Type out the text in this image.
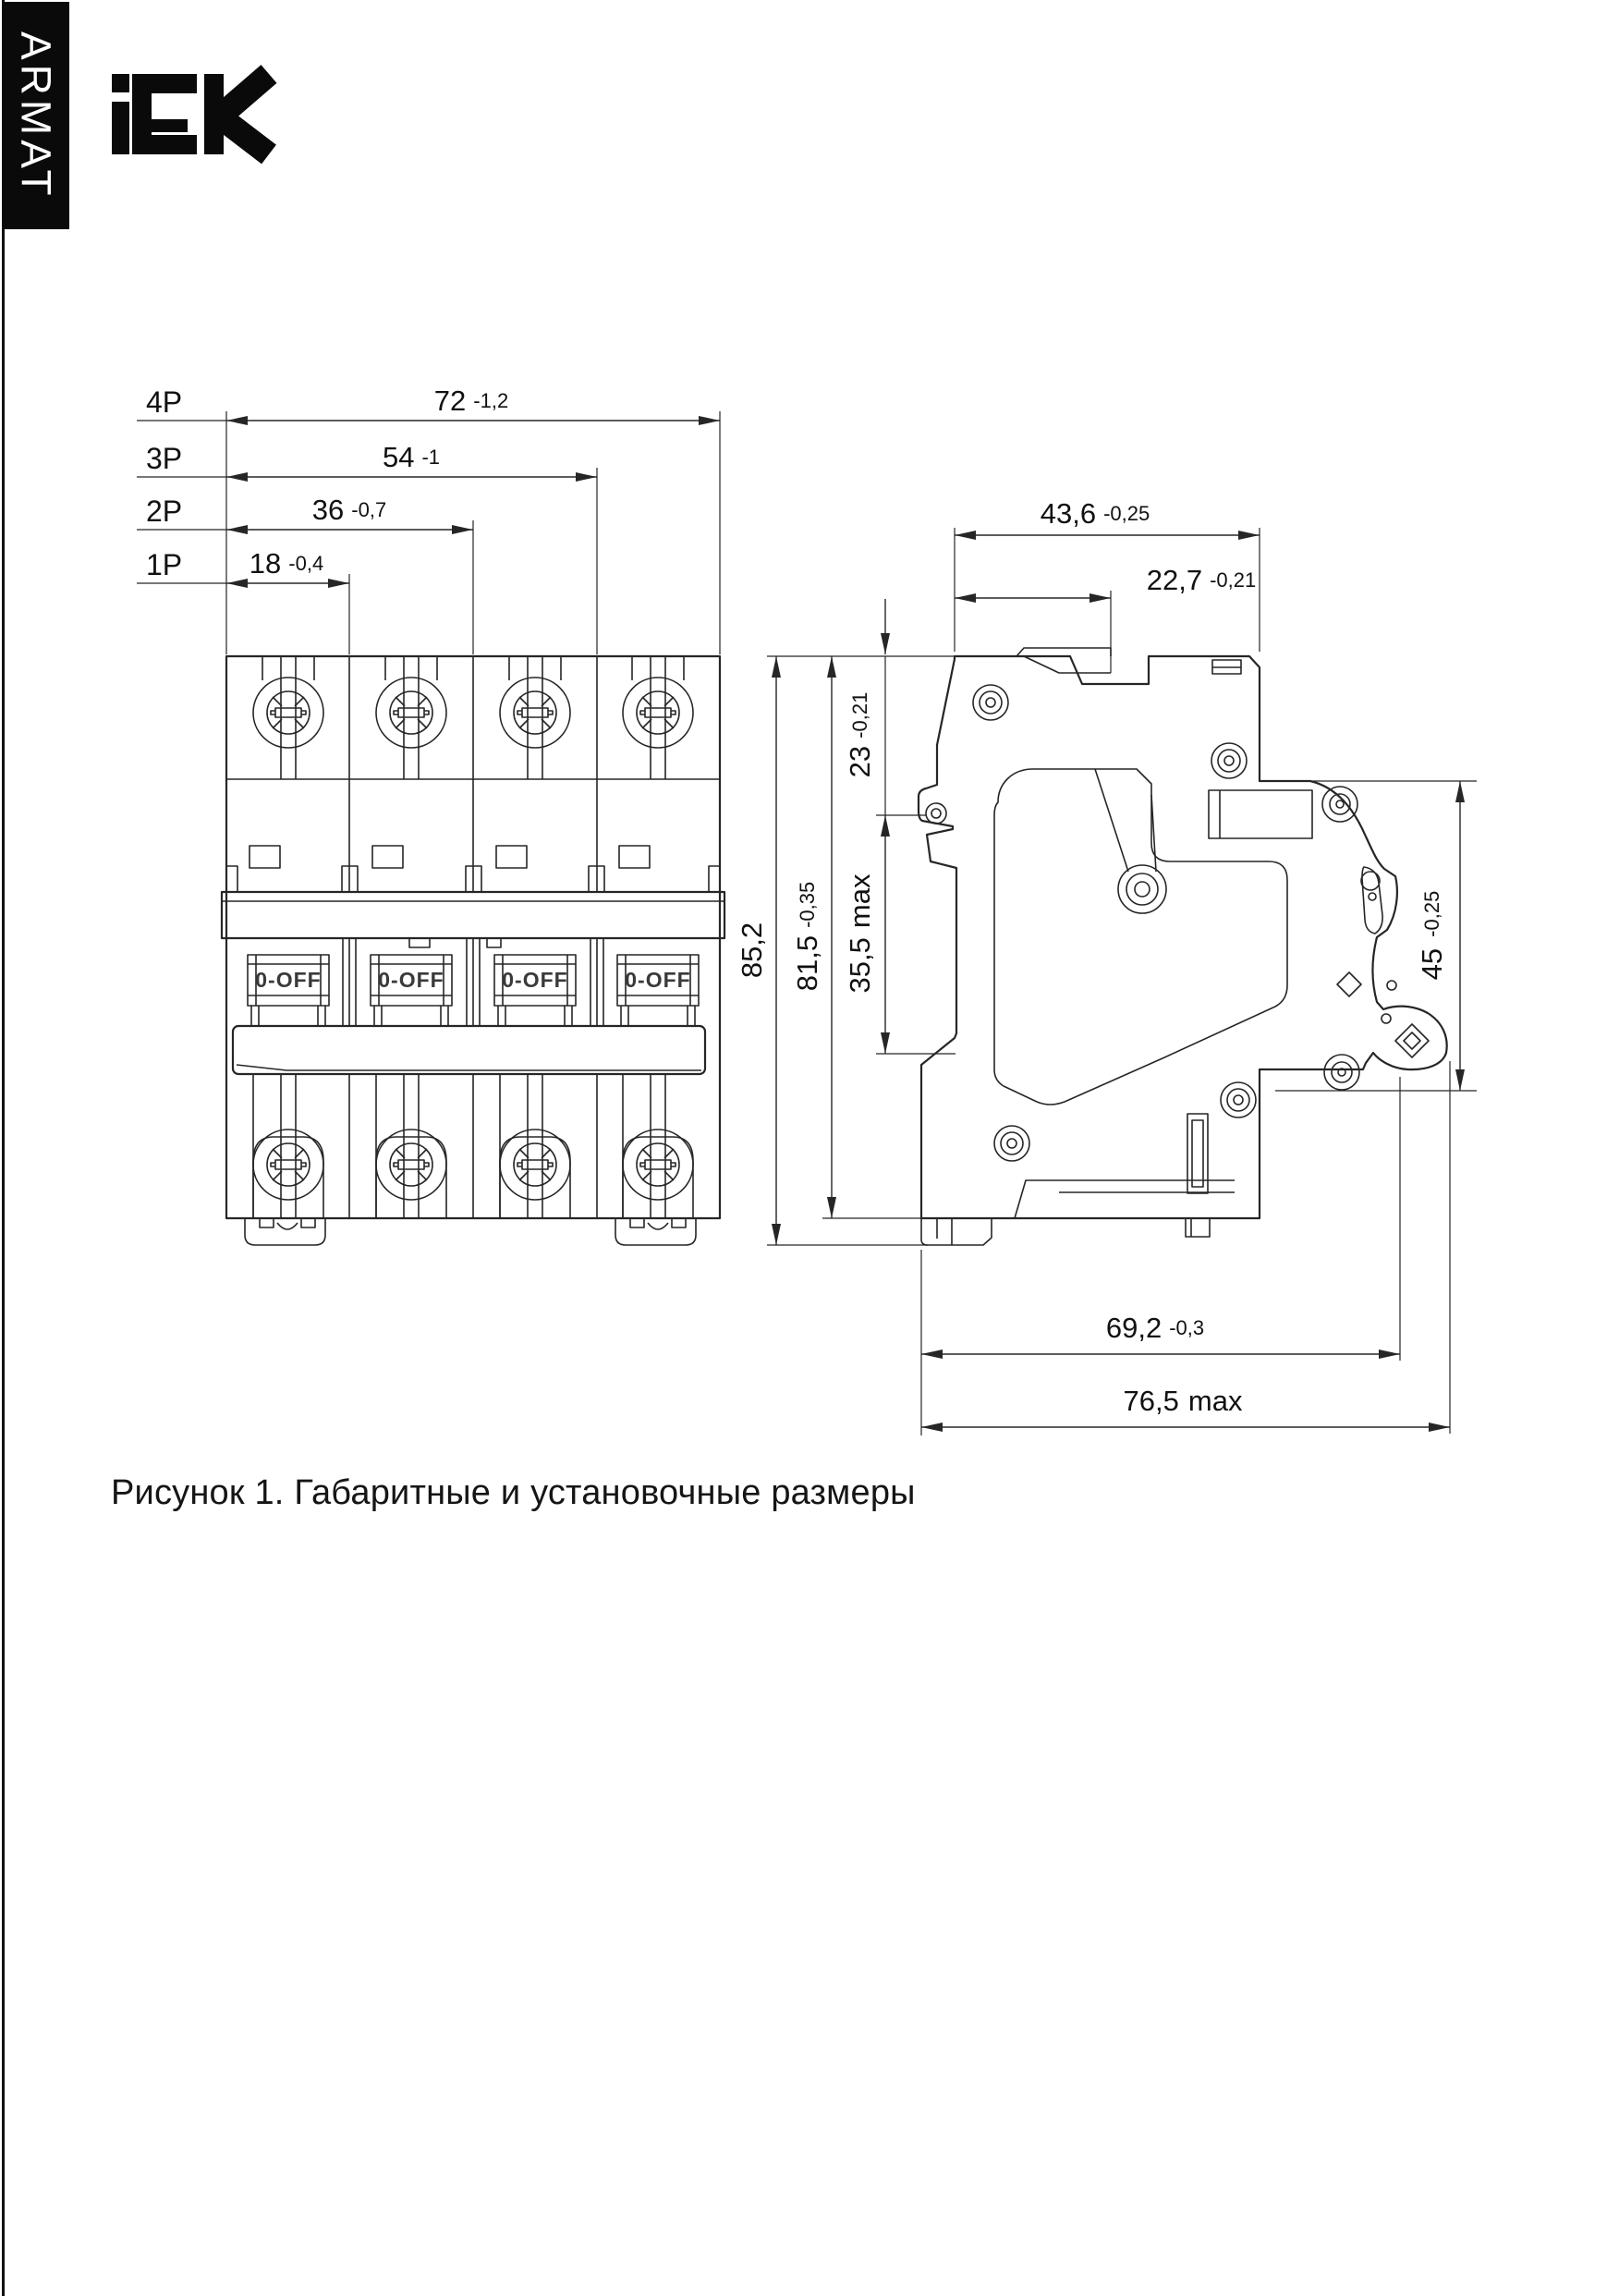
ARMAT
0-OFF	0-OFF	0-OFF	0-OFF
4P	72 -1,2
3P	54 -1
2P	36 -0,7
1P 18 -0,4
43,6 -0,25
22,7 -0,21
23-0,21
35,5max
85,2 81,5-0,35
45-0,25
69,2 -0,3
76,5 max
Рисунок 1. Габаритные и установочные размеры
